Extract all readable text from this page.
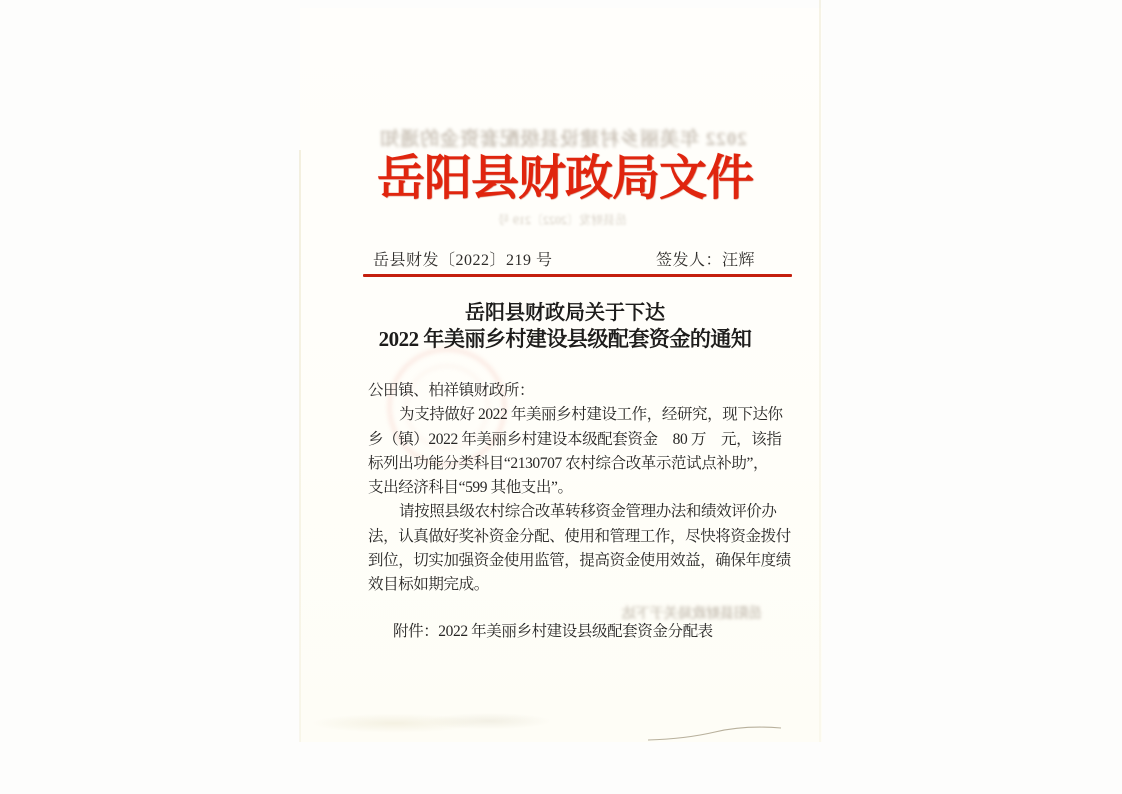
2022 年美丽乡村建设县级配套资金的通知
岳阳县财政局文件
岳县财发〔2022〕219 号
岳县财发〔2022〕219 号	签发人：汪辉
岳阳县财政局关于下达
2022 年美丽乡村建设县级配套资金的通知
公田镇、柏祥镇财政所：
为支持做好 2022 年美丽乡村建设工作，经研究，现下达你
乡（镇）2022 年美丽乡村建设本级配套资金　80 万　元，该指
标列出功能分类科目“2130707 农村综合改革示范试点补助”，
支出经济科目“599 其他支出”。
请按照县级农村综合改革转移资金管理办法和绩效评价办
法，认真做好奖补资金分配、使用和管理工作，尽快将资金拨付
到位，切实加强资金使用监管，提高资金使用效益，确保年度绩
效目标如期完成。
附件：2022 年美丽乡村建设县级配套资金分配表
岳阳县财政局关于下达
